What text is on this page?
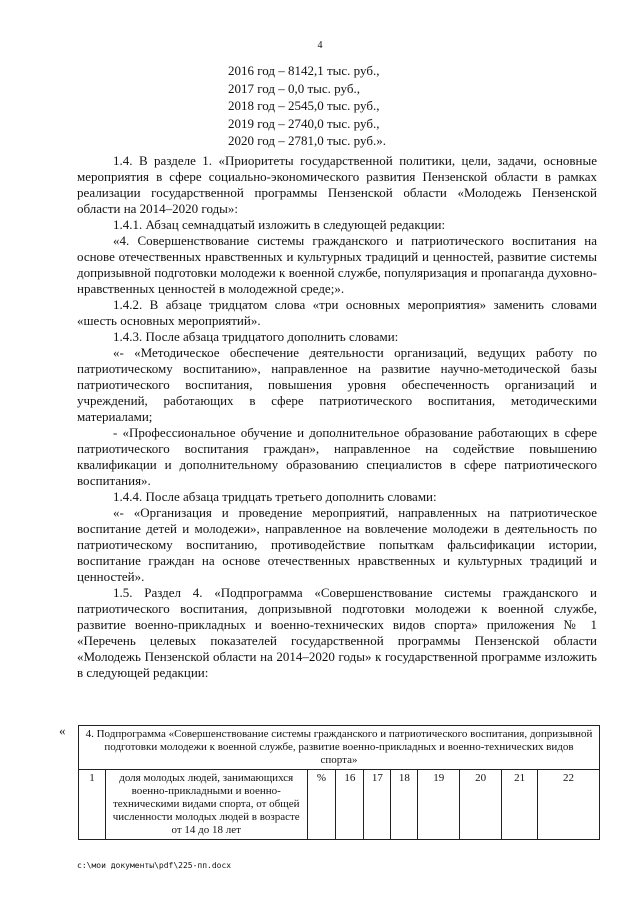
4
2016 год – 8142,1 тыс. руб.,
2017 год – 0,0 тыс. руб.,
2018 год – 2545,0 тыс. руб.,
2019 год – 2740,0 тыс. руб.,
2020 год – 2781,0 тыс. руб.».

1.4. В разделе 1. «Приоритеты государственной политики, цели, задачи, основные мероприятия в сфере социально-экономического развития Пензенской области в рамках реализации государственной программы Пензенской области «Молодежь Пензенской области на 2014–2020 годы»:

1.4.1. Абзац семнадцатый изложить в следующей редакции:

«4. Совершенствование системы гражданского и патриотического воспитания на основе отечественных нравственных и культурных традиций и ценностей, развитие системы допризывной подготовки молодежи к военной службе, популяризация и пропаганда духовно-нравственных ценностей в молодежной среде;».

1.4.2. В абзаце тридцатом слова «три основных мероприятия» заменить словами «шесть основных мероприятий».

1.4.3. После абзаца тридцатого дополнить словами:

«- «Методическое обеспечение деятельности организаций, ведущих работу по патриотическому воспитанию», направленное на развитие научно-методической базы патриотического воспитания, повышения уровня обеспеченность организаций и учреждений, работающих в сфере патриотического воспитания, методическими материалами;

- «Профессиональное обучение и дополнительное образование работающих в сфере патриотического воспитания граждан», направленное на содействие повышению квалификации и дополнительному образованию специалистов в сфере патриотического воспитания».

1.4.4. После абзаца тридцать третьего дополнить словами:

«- «Организация и проведение мероприятий, направленных на патриотическое воспитание детей и молодежи», направленное на вовлечение молодежи в деятельность по патриотическому воспитанию, противодействие попыткам фальсификации истории, воспитание граждан на основе отечественных нравственных и культурных традиций и ценностей».

1.5. Раздел 4. «Подпрограмма «Совершенствование системы гражданского и патриотического воспитания, допризывной подготовки молодежи к военной службе, развитие военно-прикладных и военно-технических видов спорта» приложения № 1 «Перечень целевых показателей государственной программы Пензенской области «Молодежь Пензенской области на 2014–2020 годы» к государственной программе изложить в следующей редакции:

« 4. Подпрограмма «Совершенствование системы гражданского и патриотического воспитания, допризывной подготовки молодежи к военной службе, развитие военно-прикладных и военно-технических видов спорта»
1	доля молодых людей, занимающихся военно-прикладными и военно-техническими видами спорта, от общей численности молодых людей в возрасте от 14 до 18 лет	%	16	17	18	19	20	21	22
c:\мои документы\pdf\225-пп.docx
